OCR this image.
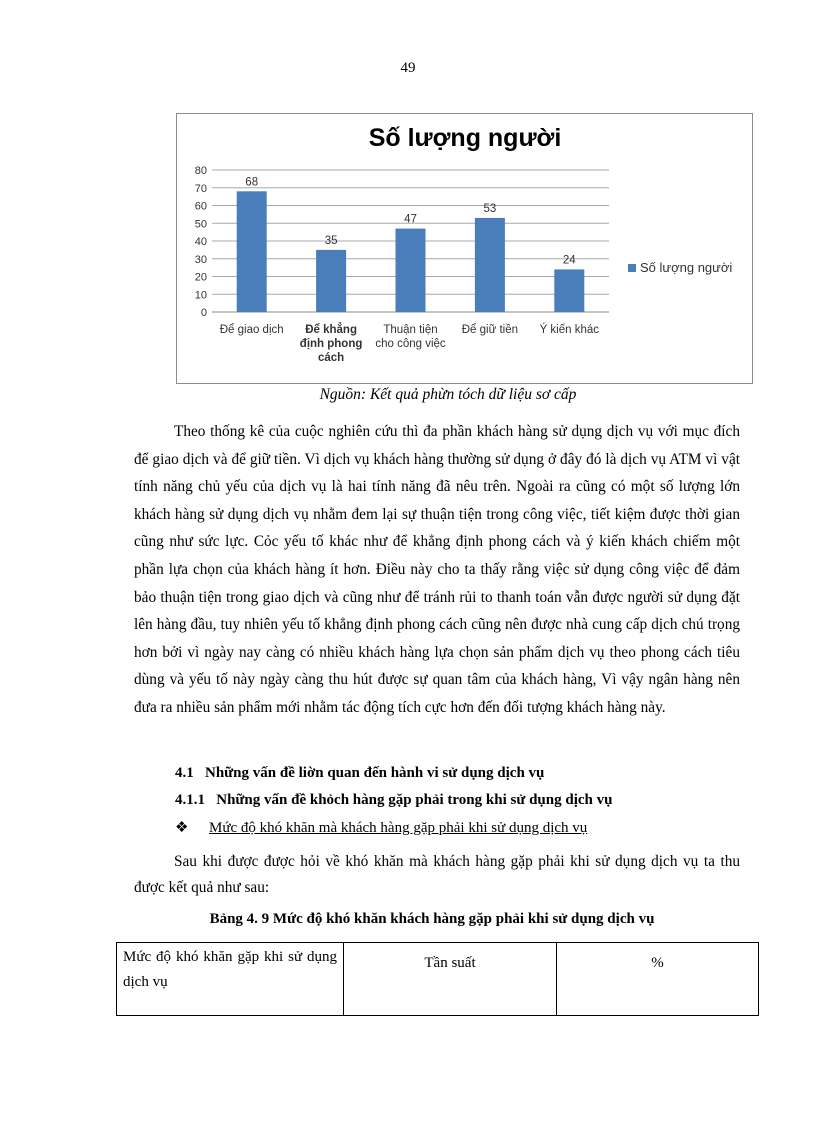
49
Số lượng người
0
10
20
30
40
50
60
70
80
68
Để giao dịch
35
Để khẳng
định phong
cách
47
Thuận tiện
cho công việc
53
Để giữ tiền
24
Ý kiến khác
Số lượng người
Nguồn: Kết quả phừn tóch dữ liệu sơ cấp

Theo thống kê của cuộc nghiên cứu thì đa phần khách hàng sử dụng dịch vụ với mục đích để giao dịch và để giữ tiền. Vì dịch vụ khách hàng thường sử dụng ở đây đó là dịch vụ ATM vì vật tính năng chủ yếu của dịch vụ là hai tính năng đã nêu trên. Ngoài ra cũng có một số lượng lớn khách hàng sử dụng dịch vụ nhằm đem lại sự thuận tiện trong công việc, tiết kiệm được thời gian cũng như sức lực. Cỏc yếu tố khác như để khẳng định phong cách và ý kiến khách chiếm một phần lựa chọn của khách hàng ít hơn. Điều này cho ta thấy rằng việc sử dụng công việc để đảm bảo thuận tiện trong giao dịch và cũng như để tránh rủi to thanh toán vẫn được người sử dụng đặt lên hàng đầu, tuy nhiên yếu tố khẳng định phong cách cũng nên được nhà cung cấp dịch chú trọng hơn bởi vì ngày nay càng có nhiều khách hàng lựa chọn sản phẩm dịch vụ theo phong cách tiêu dùng và yếu tố này ngày càng thu hút được sự quan tâm của khách hàng, Vì vậy ngân hàng nên đưa ra nhiều sản phẩm mới nhằm tác động tích cực hơn đến đối tượng khách hàng này.

4.1   Những vấn đề liờn quan đến hành vi sử dụng dịch vụ
4.1.1   Những vấn đề khỏch hàng gặp phải trong khi sử dụng dịch vụ
❖ Mức độ khó khăn mà khách hàng gặp phải khi sử dụng dịch vụ

Sau khi được được hỏi về khó khăn mà khách hàng gặp phải khi sử dụng dịch vụ ta thu được kết quả như sau:

Bảng 4. 9 Mức độ khó khăn khách hàng gặp phải khi sử dụng dịch vụ
Mức độ khó khăn gặp khi sử dụng dịch vụ	Tần suất	%
